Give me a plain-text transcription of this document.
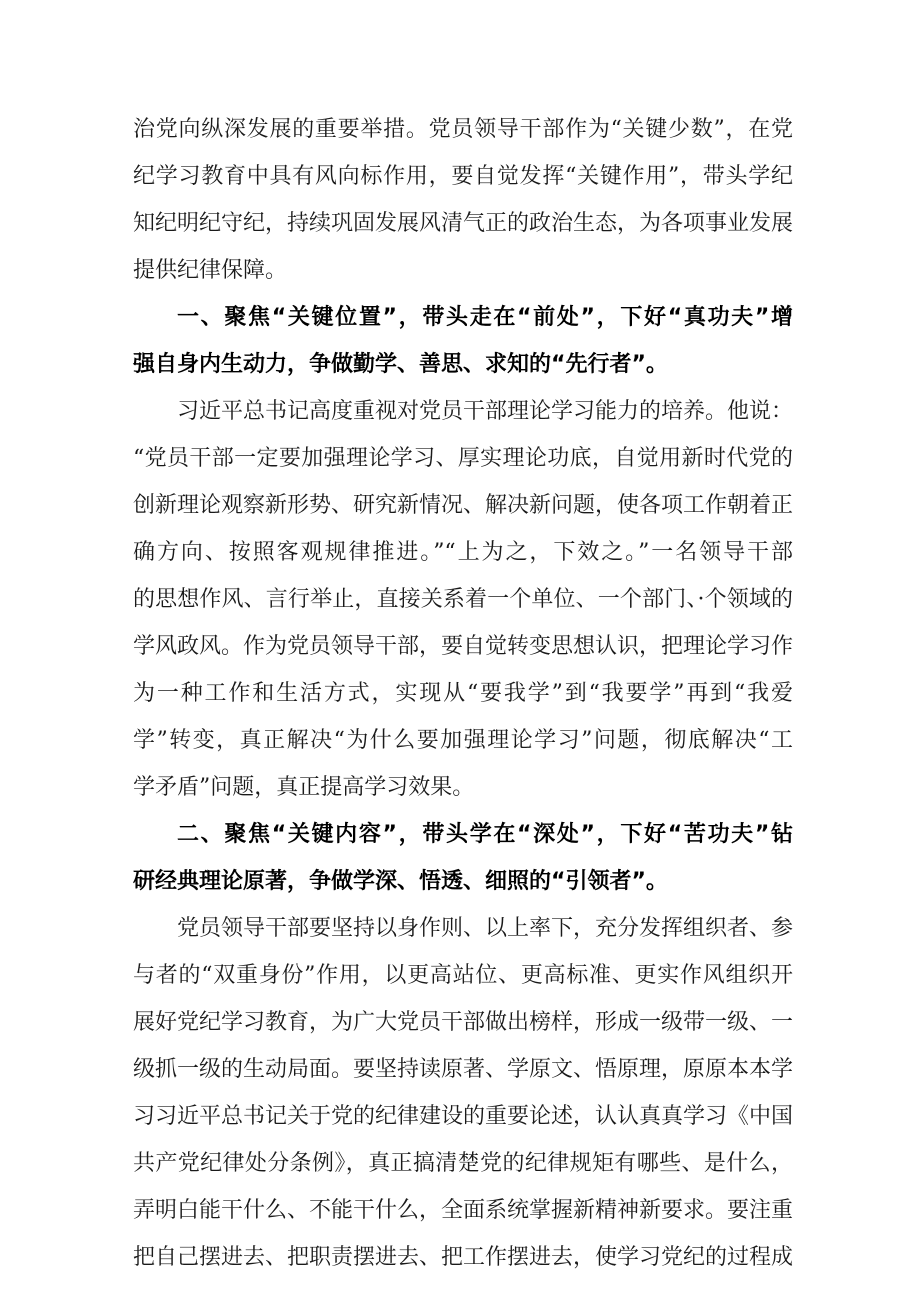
治党向纵深发展的重要举措。党员领导干部作为“关键少数”，在党
纪学习教育中具有风向标作用，要自觉发挥“关键作用”，带头学纪
知纪明纪守纪，持续巩固发展风清气正的政治生态，为各项事业发展
提供纪律保障。
一、聚焦“关键位置”，带头走在“前处”，下好“真功夫”增
强自身内生动力，争做勤学、善思、求知的“先行者”。
习近平总书记高度重视对党员干部理论学习能力的培养。他说：
“党员干部一定要加强理论学习、厚实理论功底，自觉用新时代党的
创新理论观察新形势、研究新情况、解决新问题，使各项工作朝着正
确方向、按照客观规律推进。”“上为之，下效之。”一名领导干部
的思想作风、言行举止，直接关系着一个单位、一个部门、·个领域的
学风政风。作为党员领导干部，要自觉转变思想认识，把理论学习作
为一种工作和生活方式，实现从“要我学”到“我要学”再到“我爱
学”转变，真正解决“为什么要加强理论学习”问题，彻底解决“工
学矛盾”问题，真正提高学习效果。
二、聚焦“关键内容”，带头学在“深处”，下好“苦功夫”钻
研经典理论原著，争做学深、悟透、细照的“引领者”。
党员领导干部要坚持以身作则、以上率下，充分发挥组织者、参
与者的“双重身份”作用，以更高站位、更高标准、更实作风组织开
展好党纪学习教育，为广大党员干部做出榜样，形成一级带一级、一
级抓一级的生动局面。要坚持读原著、学原文、悟原理，原原本本学
习习近平总书记关于党的纪律建设的重要论述，认认真真学习《中国
共产党纪律处分条例》，真正搞清楚党的纪律规矩有哪些、是什么，
弄明白能干什么、不能干什么，全面系统掌握新精神新要求。要注重
把自己摆进去、把职责摆进去、把工作摆进去，使学习党纪的过程成
